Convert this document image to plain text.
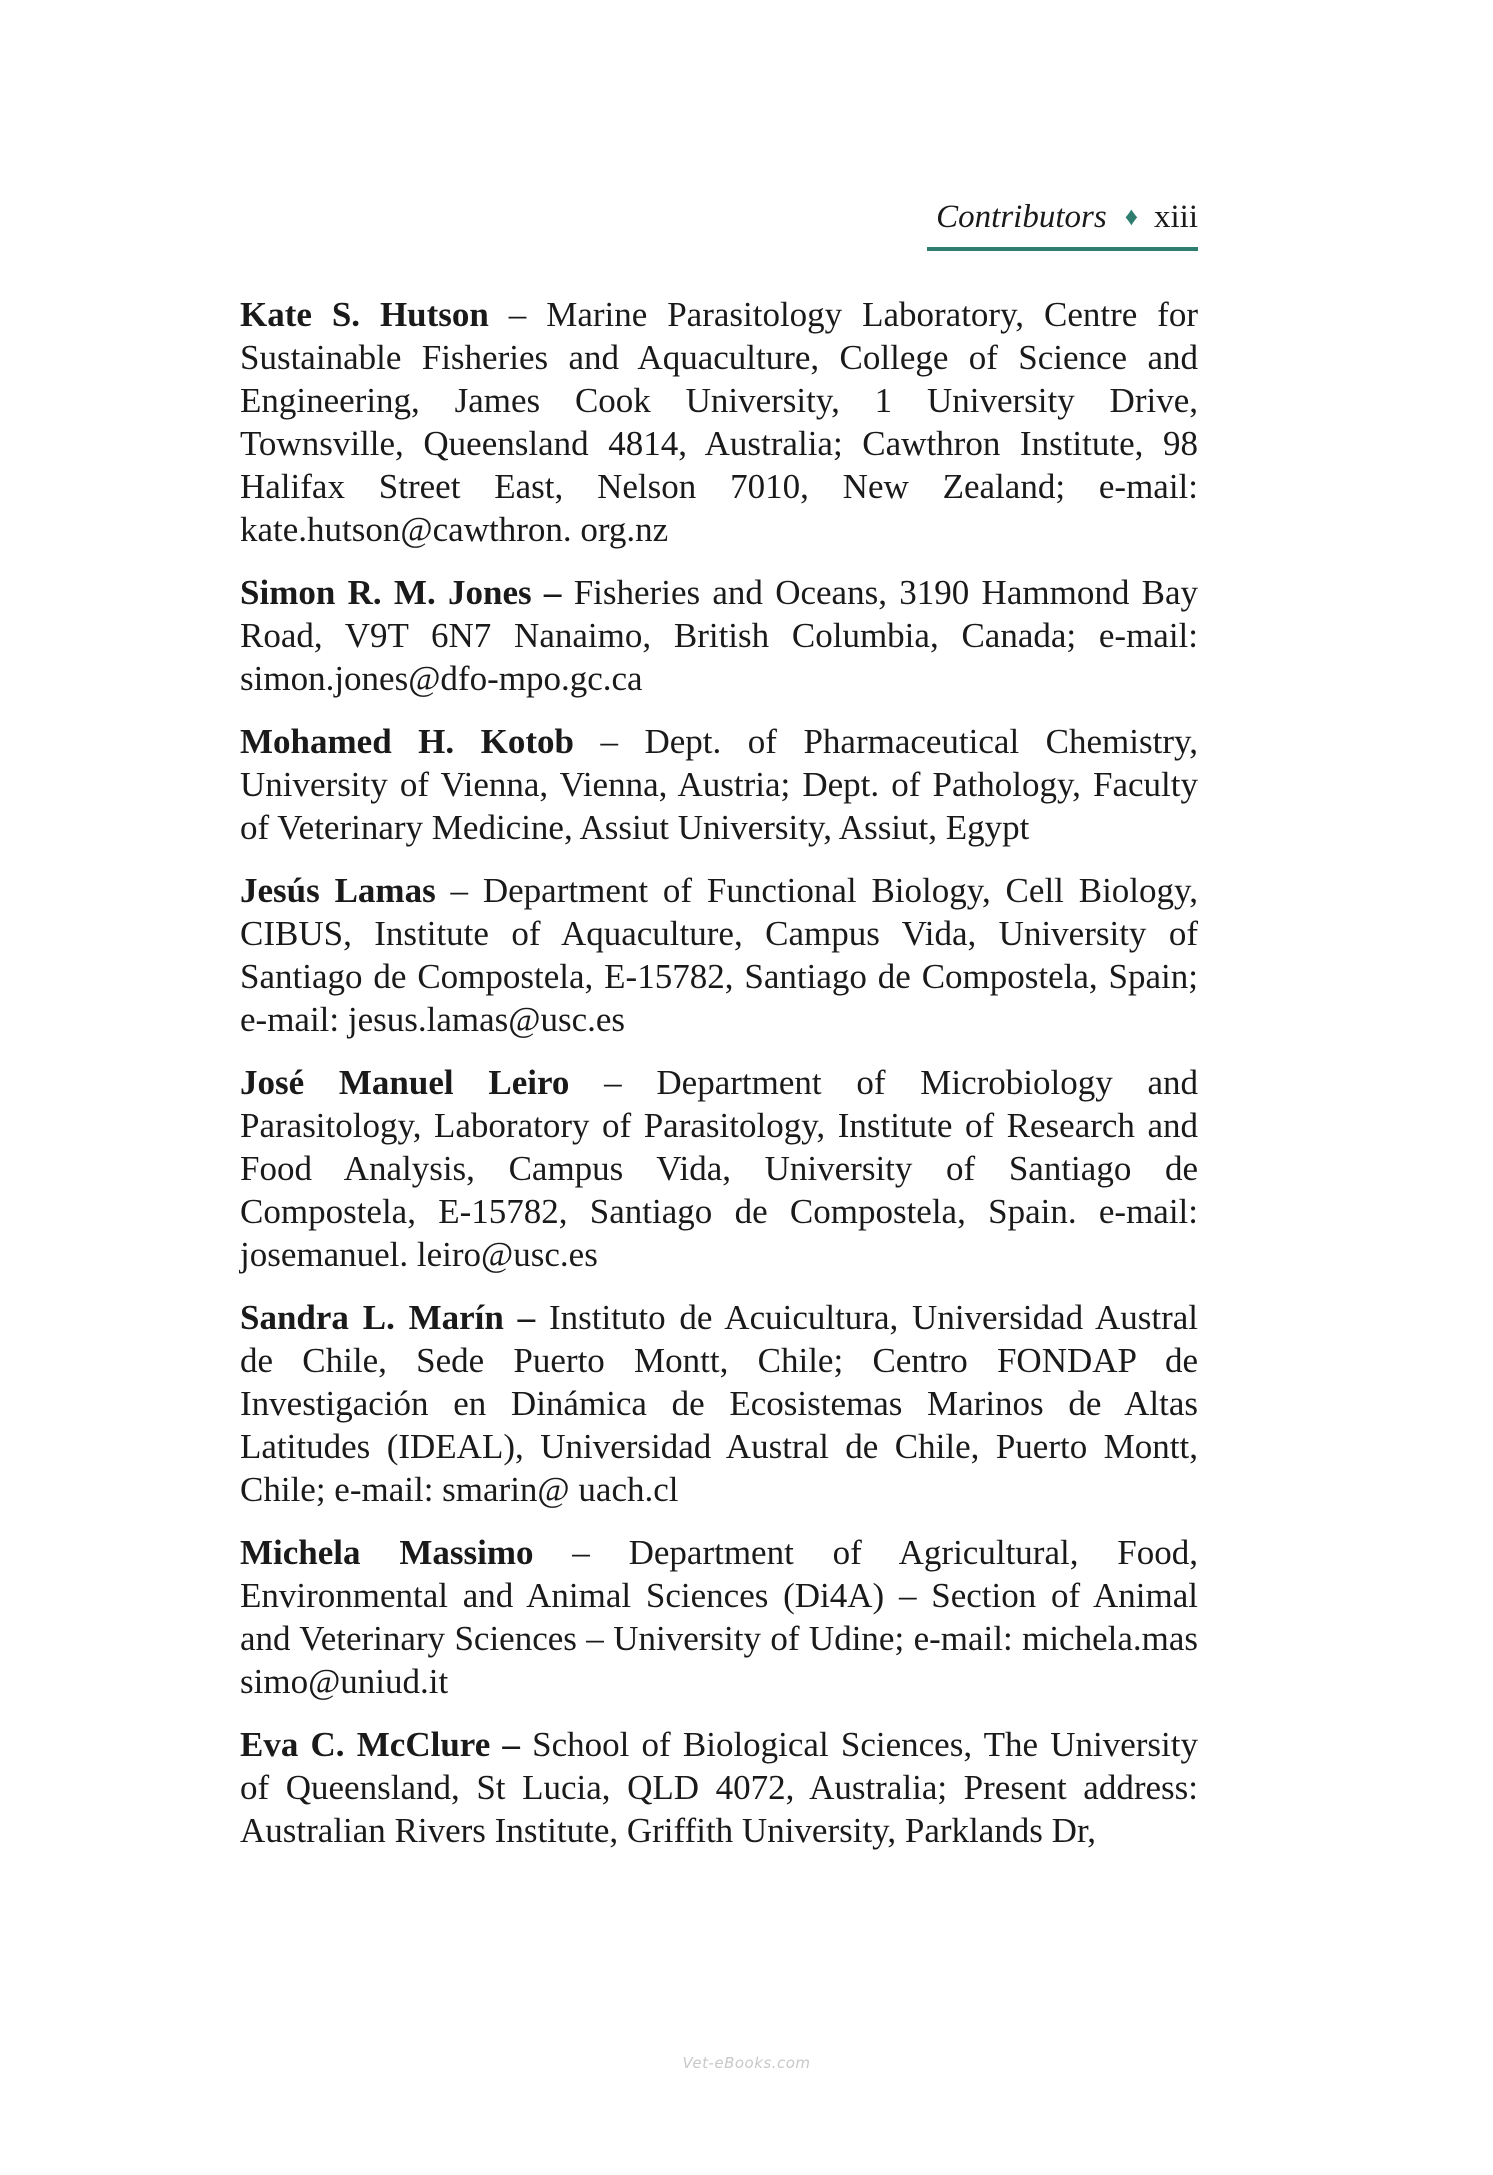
Contributors ♦ xiii

Kate S. Hutson – Marine Parasitology Laboratory, Centre for Sustainable Fisheries and Aquaculture, College of Science and Engineering, James Cook University, 1 University Drive, Townsville, Queensland 4814, Australia; Cawthron Institute, 98 Halifax Street East, Nelson 7010, New Zealand; e-mail: kate.hutson@cawthron. org.nz

Simon R. M. Jones – Fisheries and Oceans, 3190 Hammond Bay Road, V9T 6N7 Nanaimo, British Columbia, Canada; e-mail: simon.jones@dfo-mpo.gc.ca

Mohamed H. Kotob – Dept. of Pharmaceutical Chemistry, University of Vienna, Vienna, Austria; Dept. of Pathology, Faculty of Veterinary Medicine, Assiut University, Assiut, Egypt

Jesús Lamas – Department of Functional Biology, Cell Biology, CIBUS, Institute of Aquaculture, Campus Vida, University of Santiago de Compostela, E-15782, Santiago de Compostela, Spain; e-mail: jesus.lamas@usc.es

José Manuel Leiro – Department of Microbiology and Parasitology, Laboratory of Parasitology, Institute of Research and Food Analysis, Campus Vida, University of Santiago de Compostela, E-15782, Santiago de Compostela, Spain. e-mail: josemanuel. leiro@usc.es

Sandra L. Marín – Instituto de Acuicultura, Universidad Austral de Chile, Sede Puerto Montt, Chile; Centro FONDAP de Investigación en Dinámica de Ecosistemas Marinos de Altas Latitudes (IDEAL), Universidad Austral de Chile, Puerto Montt, Chile; e-mail: smarin@ uach.cl

Michela Massimo – Department of Agricultural, Food, Environmental and Animal Sciences (Di4A) – Section of Animal and Veterinary Sciences – University of Udine; e-mail: michela.mas simo@uniud.it

Eva C. McClure – School of Biological Sciences, The University of Queensland, St Lucia, QLD 4072, Australia; Present address: Australian Rivers Institute, Griffith University, Parklands Dr,

Vet-eBooks.com
